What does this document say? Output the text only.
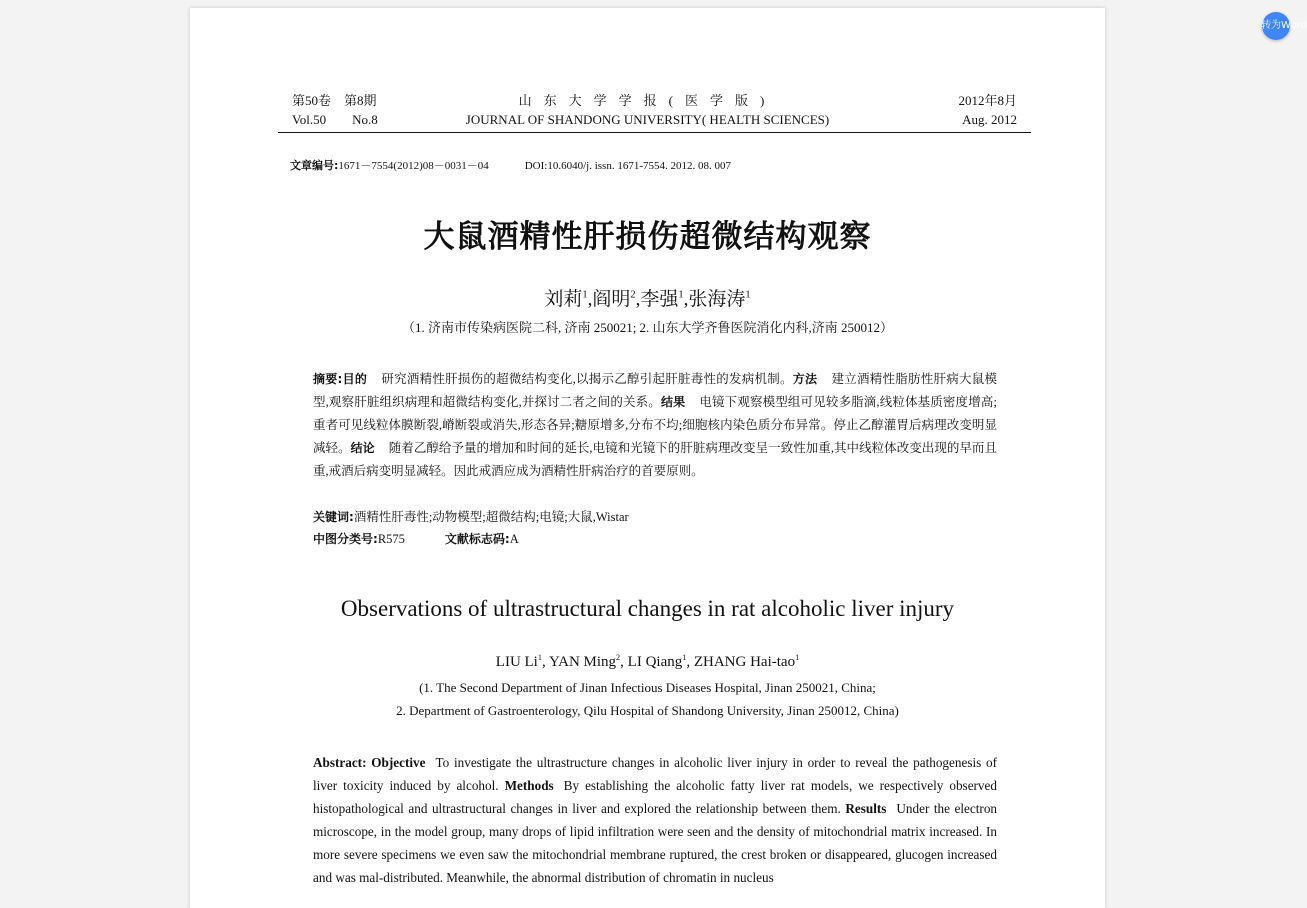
第50卷　第8期
Vol.50　　No.8
山东大学学报(医学版)
JOURNAL OF SHANDONG UNIVERSITY( HEALTH SCIENCES)
2012年8月
Aug. 2012
文章编号:1671－7554(2012)08－0031－04	DOI:10.6040/j. issn. 1671-7554. 2012. 08. 007
大鼠酒精性肝损伤超微结构观察
刘莉$^1$,阎明$^2$,李强$^1$,张海涛$^1$
（1. 济南市传染病医院二科, 济南 250021; 2. 山东大学齐鲁医院消化内科,济南 250012）
摘要:目的 研究酒精性肝损伤的超微结构变化,以揭示乙醇引起肝脏毒性的发病机制。方法 建立酒精性脂肪性肝病大鼠模型,观察肝脏组织病理和超微结构变化,并探讨二者之间的关系。结果 电镜下观察模型组可见较多脂滴,线粒体基质密度增高;重者可见线粒体膜断裂,嵴断裂或消失,形态各异;糖原增多,分布不均;细胞核内染色质分布异常。停止乙醇灌胃后病理改变明显减轻。结论 随着乙醇给予量的增加和时间的延长,电镜和光镜下的肝脏病理改变呈一致性加重,其中线粒体改变出现的早而且重,戒酒后病变明显减轻。因此戒酒应成为酒精性肝病治疗的首要原则。
关键词:酒精性肝毒性;动物模型;超微结构;电镜;大鼠,Wistar
中图分类号:R575	文献标志码:A
Observations of ultrastructural changes in rat alcoholic liver injury
LIU Li$^1$, YAN Ming$^2$, LI Qiang$^1$, ZHANG Hai-tao$^1$
(1. The Second Department of Jinan Infectious Diseases Hospital, Jinan 250021, China;
2. Department of Gastroenterology, Qilu Hospital of Shandong University, Jinan 250012, China)
Abstract: Objective To investigate the ultrastructure changes in alcoholic liver injury in order to reveal the pathogenesis of liver toxicity induced by alcohol. Methods By establishing the alcoholic fatty liver rat models, we respectively observed histopathological and ultrastructural changes in liver and explored the relationship between them. Results Under the electron microscope, in the model group, many drops of lipid infiltration were seen and the density of mitochondrial matrix increased. In more severe specimens we even saw the mitochondrial membrane ruptured, the crest broken or disappeared, glucogen increased and was mal-distributed. Meanwhile, the abnormal distribution of chromatin in nucleus
转为Word
